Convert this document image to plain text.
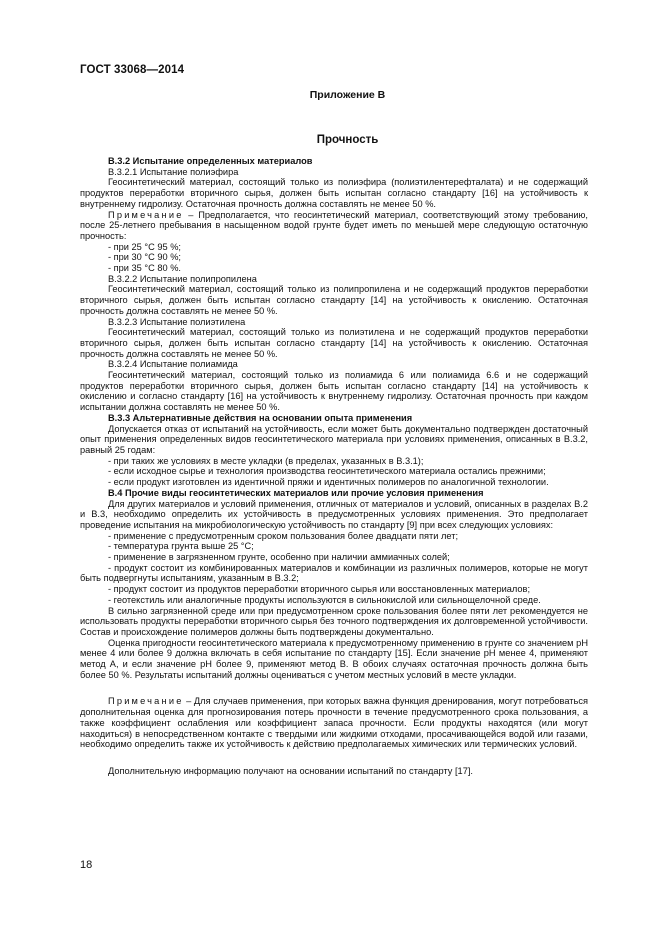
ГОСТ 33068—2014
Приложение В
Прочность

В.3.2 Испытание определенных материалов

В.3.2.1 Испытание полиэфира

Геосинтетический материал, состоящий только из полиэфира (полиэтилентерефталата) и не содержащий продуктов переработки вторичного сырья, должен быть испытан согласно стандарту [16] на устойчивость к внутреннему гидролизу. Остаточная прочность должна составлять не менее 50 %.

Примечание – Предполагается, что геосинтетический материал, соответствующий этому требованию, после 25-летнего пребывания в насыщенном водой грунте будет иметь по меньшей мере следующую остаточную прочность:

- при 25 °С 95 %;

- при 30 °С 90 %;

- при 35 °С 80 %.

В.3.2.2 Испытание полипропилена

Геосинтетический материал, состоящий только из полипропилена и не содержащий продуктов переработки вторичного сырья, должен быть испытан согласно стандарту [14] на устойчивость к окислению. Остаточная прочность должна составлять не менее 50 %.

В.3.2.3 Испытание полиэтилена

Геосинтетический материал, состоящий только из полиэтилена и не содержащий продуктов переработки вторичного сырья, должен быть испытан согласно стандарту [14] на устойчивость к окислению. Остаточная прочность должна составлять не менее 50 %.

В.3.2.4 Испытание полиамида

Геосинтетический материал, состоящий только из полиамида 6 или полиамида 6.6 и не содержащий продуктов переработки вторичного сырья, должен быть испытан согласно стандарту [14] на устойчивость к окислению и согласно стандарту [16] на устойчивость к внутреннему гидролизу. Остаточная прочность при каждом испытании должна составлять не менее 50 %.

В.3.3 Альтернативные действия на основании опыта применения

Допускается отказ от испытаний на устойчивость, если может быть документально подтвержден достаточный опыт применения определенных видов геосинтетического материала при условиях применения, описанных в В.3.2, равный 25 годам:

- при таких же условиях в месте укладки (в пределах, указанных в В.3.1);

- если исходное сырье и технология производства геосинтетического материала остались прежними;

- если продукт изготовлен из идентичной пряжи и идентичных полимеров по аналогичной технологии.

В.4 Прочие виды геосинтетических материалов или прочие условия применения

Для других материалов и условий применения, отличных от материалов и условий, описанных в разделах В.2 и В.3, необходимо определить их устойчивость в предусмотренных условиях применения. Это предполагает проведение испытания на микробиологическую устойчивость по стандарту [9] при всех следующих условиях:

- применение с предусмотренным сроком пользования более двадцати пяти лет;

- температура грунта выше 25 °С;

- применение в загрязненном грунте, особенно при наличии аммиачных солей;

- продукт состоит из комбинированных материалов и комбинации из различных полимеров, которые не могут быть подвергнуты испытаниям, указанным в В.3.2;

- продукт состоит из продуктов переработки вторичного сырья или восстановленных материалов;

- геотекстиль или аналогичные продукты используются в сильнокислой или сильнощелочной среде.

В сильно загрязненной среде или при предусмотренном сроке пользования более пяти лет рекомендуется не использовать продукты переработки вторичного сырья без точного подтверждения их долговременной устойчивости. Состав и происхождение полимеров должны быть подтверждены документально.

Оценка пригодности геосинтетического материала к предусмотренному применению в грунте со значением pH менее 4 или более 9 должна включать в себя испытание по стандарту [15]. Если значение pH менее 4, применяют метод А, и если значение pH более 9, применяют метод В. В обоих случаях остаточная прочность должна быть более 50 %. Результаты испытаний должны оцениваться с учетом местных условий в месте укладки.

Примечание – Для случаев применения, при которых важна функция дренирования, могут потребоваться дополнительная оценка для прогнозирования потерь прочности в течение предусмотренного срока пользования, а также коэффициент ослабления или коэффициент запаса прочности. Если продукты находятся (или могут находиться) в непосредственном контакте с твердыми или жидкими отходами, просачивающейся водой или газами, необходимо определить также их устойчивость к действию предполагаемых химических или термических условий.

Дополнительную информацию получают на основании испытаний по стандарту [17].

18
